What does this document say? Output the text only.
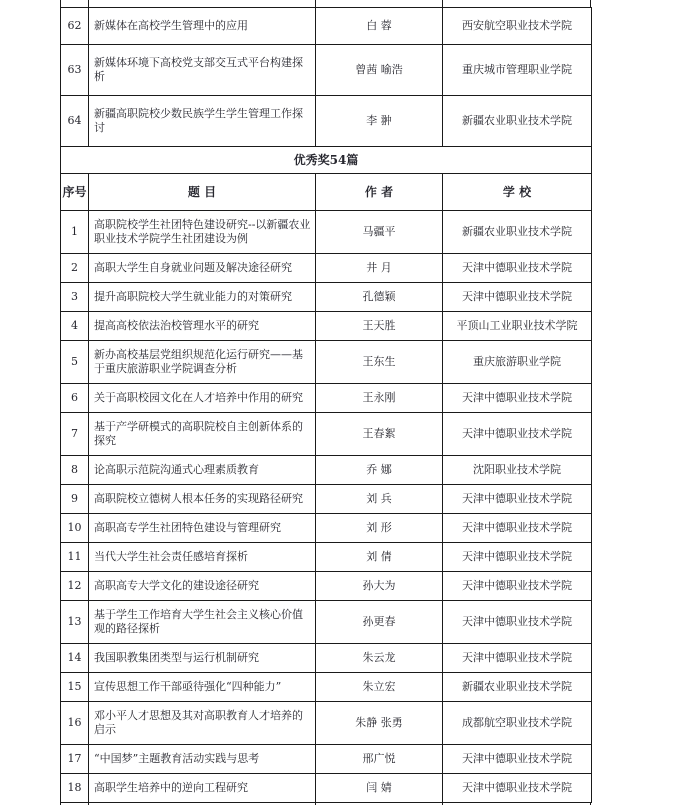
62	新媒体在高校学生管理中的应用	白 蓉	西安航空职业技术学院
63	新媒体环境下高校党支部交互式平台构建探析	曾茜 喻浩	重庆城市管理职业学院
64	新疆高职院校少数民族学生学生管理工作探讨	李 翀	新疆农业职业技术学院
优秀奖54篇			
序号	题 目	作 者	学 校
1	高职院校学生社团特色建设研究--以新疆农业职业技术学院学生社团建设为例	马疆平	新疆农业职业技术学院
2	高职大学生自身就业问题及解决途径研究	井 月	天津中德职业技术学院
3	提升高职院校大学生就业能力的对策研究	孔德颖	天津中德职业技术学院
4	提高高校依法治校管理水平的研究	王天胜	平顶山工业职业技术学院
5	新办高校基层党组织规范化运行研究——基于重庆旅游职业学院调查分析	王东生	重庆旅游职业学院
6	关于高职校园文化在人才培养中作用的研究	王永刚	天津中德职业技术学院
7	基于产学研模式的高职院校自主创新体系的探究	王春絮	天津中德职业技术学院
8	论高职示范院沟通式心理素质教育	乔 娜	沈阳职业技术学院
9	高职院校立德树人根本任务的实现路径研究	刘 兵	天津中德职业技术学院
10	高职高专学生社团特色建设与管理研究	刘 形	天津中德职业技术学院
11	当代大学生社会责任感培育探析	刘 倩	天津中德职业技术学院
12	高职高专大学文化的建设途径研究	孙大为	天津中德职业技术学院
13	基于学生工作培育大学生社会主义核心价值观的路径探析	孙更春	天津中德职业技术学院
14	我国职教集团类型与运行机制研究	朱云龙	天津中德职业技术学院
15	宣传思想工作干部亟待强化“四种能力”	朱立宏	新疆农业职业技术学院
16	邓小平人才思想及其对高职教育人才培养的启示	朱静 张勇	成都航空职业技术学院
17	“中国梦”主题教育活动实践与思考	邢广悦	天津中德职业技术学院
18	高职学生培养中的逆向工程研究	闫 婧	天津中德职业技术学院
